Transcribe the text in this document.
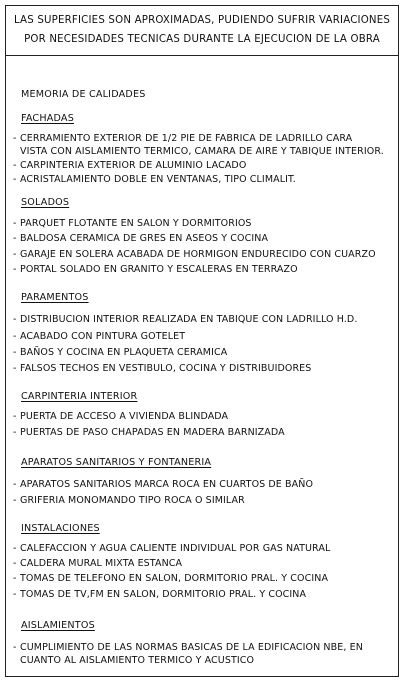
LAS SUPERFICIES SON APROXIMADAS, PUDIENDO SUFRIR VARIACIONES
POR NECESIDADES TECNICAS DURANTE LA EJECUCION DE LA OBRA
MEMORIA DE CALIDADES
FACHADAS
- CERRAMIENTO EXTERIOR DE 1/2 PIE DE FABRICA DE LADRILLO CARA
VISTA CON AISLAMIENTO TERMICO, CAMARA DE AIRE Y TABIQUE INTERIOR.
- CARPINTERIA EXTERIOR DE ALUMINIO LACADO
- ACRISTALAMIENTO DOBLE EN VENTANAS, TIPO CLIMALIT.
SOLADOS
- PARQUET FLOTANTE EN SALON Y DORMITORIOS
- BALDOSA CERAMICA DE GRES EN ASEOS Y COCINA
- GARAJE EN SOLERA ACABADA DE HORMIGON ENDURECIDO CON CUARZO
- PORTAL SOLADO EN GRANITO Y ESCALERAS EN TERRAZO
PARAMENTOS
- DISTRIBUCION INTERIOR REALIZADA EN TABIQUE CON LADRILLO H.D.
- ACABADO CON PINTURA GOTELET
- BAÑOS Y COCINA EN PLAQUETA CERAMICA
- FALSOS TECHOS EN VESTIBULO, COCINA Y DISTRIBUIDORES
CARPINTERIA INTERIOR
- PUERTA DE ACCESO A VIVIENDA BLINDADA
- PUERTAS DE PASO CHAPADAS EN MADERA BARNIZADA
APARATOS SANITARIOS Y FONTANERIA
- APARATOS SANITARIOS MARCA ROCA EN CUARTOS DE BAÑO
- GRIFERIA MONOMANDO TIPO ROCA O SIMILAR
INSTALACIONES
- CALEFACCION Y AGUA CALIENTE INDIVIDUAL POR GAS NATURAL
- CALDERA MURAL MIXTA ESTANCA
- TOMAS DE TELEFONO EN SALON, DORMITORIO PRAL. Y COCINA
- TOMAS DE TV,FM EN SALON, DORMITORIO PRAL. Y COCINA
AISLAMIENTOS
- CUMPLIMIENTO DE LAS NORMAS BASICAS DE LA EDIFICACION NBE, EN
CUANTO AL AISLAMIENTO TERMICO Y ACUSTICO
